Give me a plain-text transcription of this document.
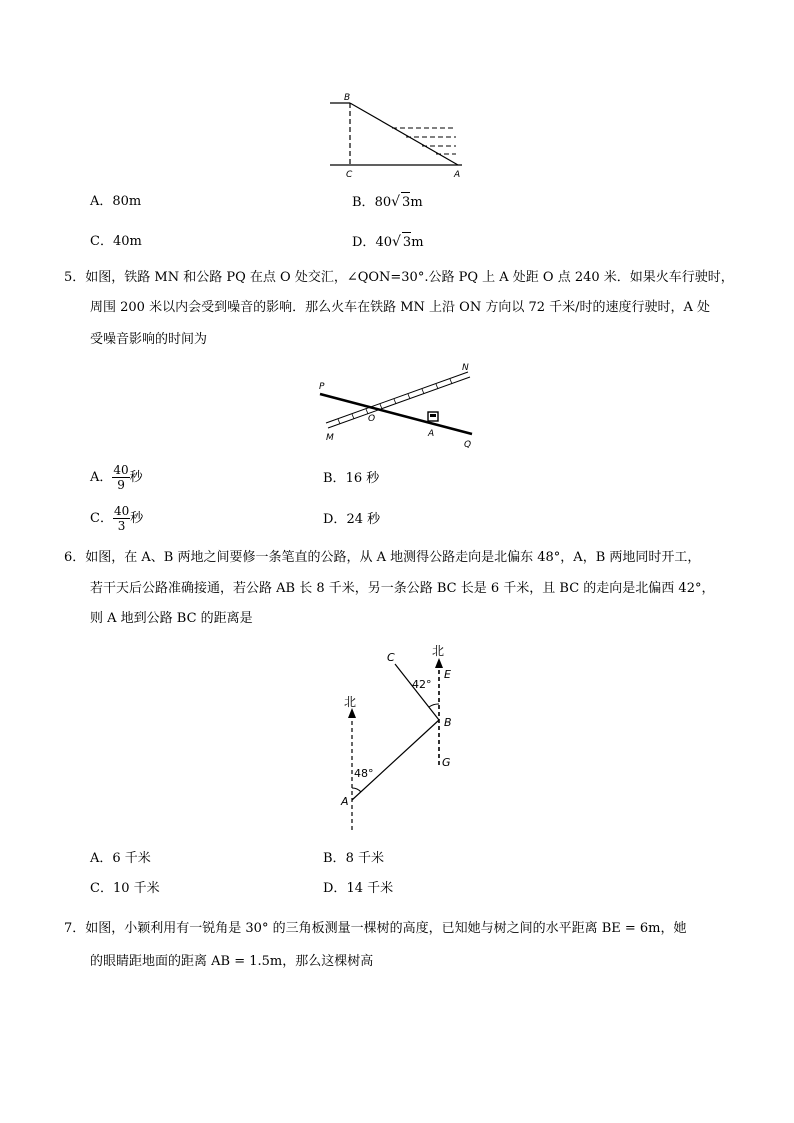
B
C	A
A．80m	B．80√ 3m
C．40m	D．40√ 3m
5．如图，铁路 MN 和公路 PQ 在点 O 处交汇，∠QON=30°.公路 PQ 上 A 处距 O 点 240 米．如果火车行驶时，
周围 200 米以内会受到噪音的影响．那么火车在铁路 MN 上沿 ON 方向以 72 千米/时的速度行驶时，A 处
受噪音影响的时间为
P
N
M
O
A
Q
A． $\frac{40}{9}$ 秒	B．16 秒
C． $\frac{40}{3}$ 秒	D．24 秒
6．如图，在 A、B 两地之间要修一条笔直的公路，从 A 地测得公路走向是北偏东 48°，A，B 两地同时开工，
若干天后公路准确接通，若公路 AB 长 8 千米，另一条公路 BC 长是 6 千米，且 BC 的走向是北偏西 42°，
则 A 地到公路 BC 的距离是
北
北
C
E
B
G
A
42°
48°
A．6 千米	B．8 千米
C．10 千米	D．14 千米
7．如图，小颖利用有一锐角是 30° 的三角板测量一棵树的高度，已知她与树之间的水平距离 BE = 6m，她
的眼睛距地面的距离 AB = 1.5m，那么这棵树高
